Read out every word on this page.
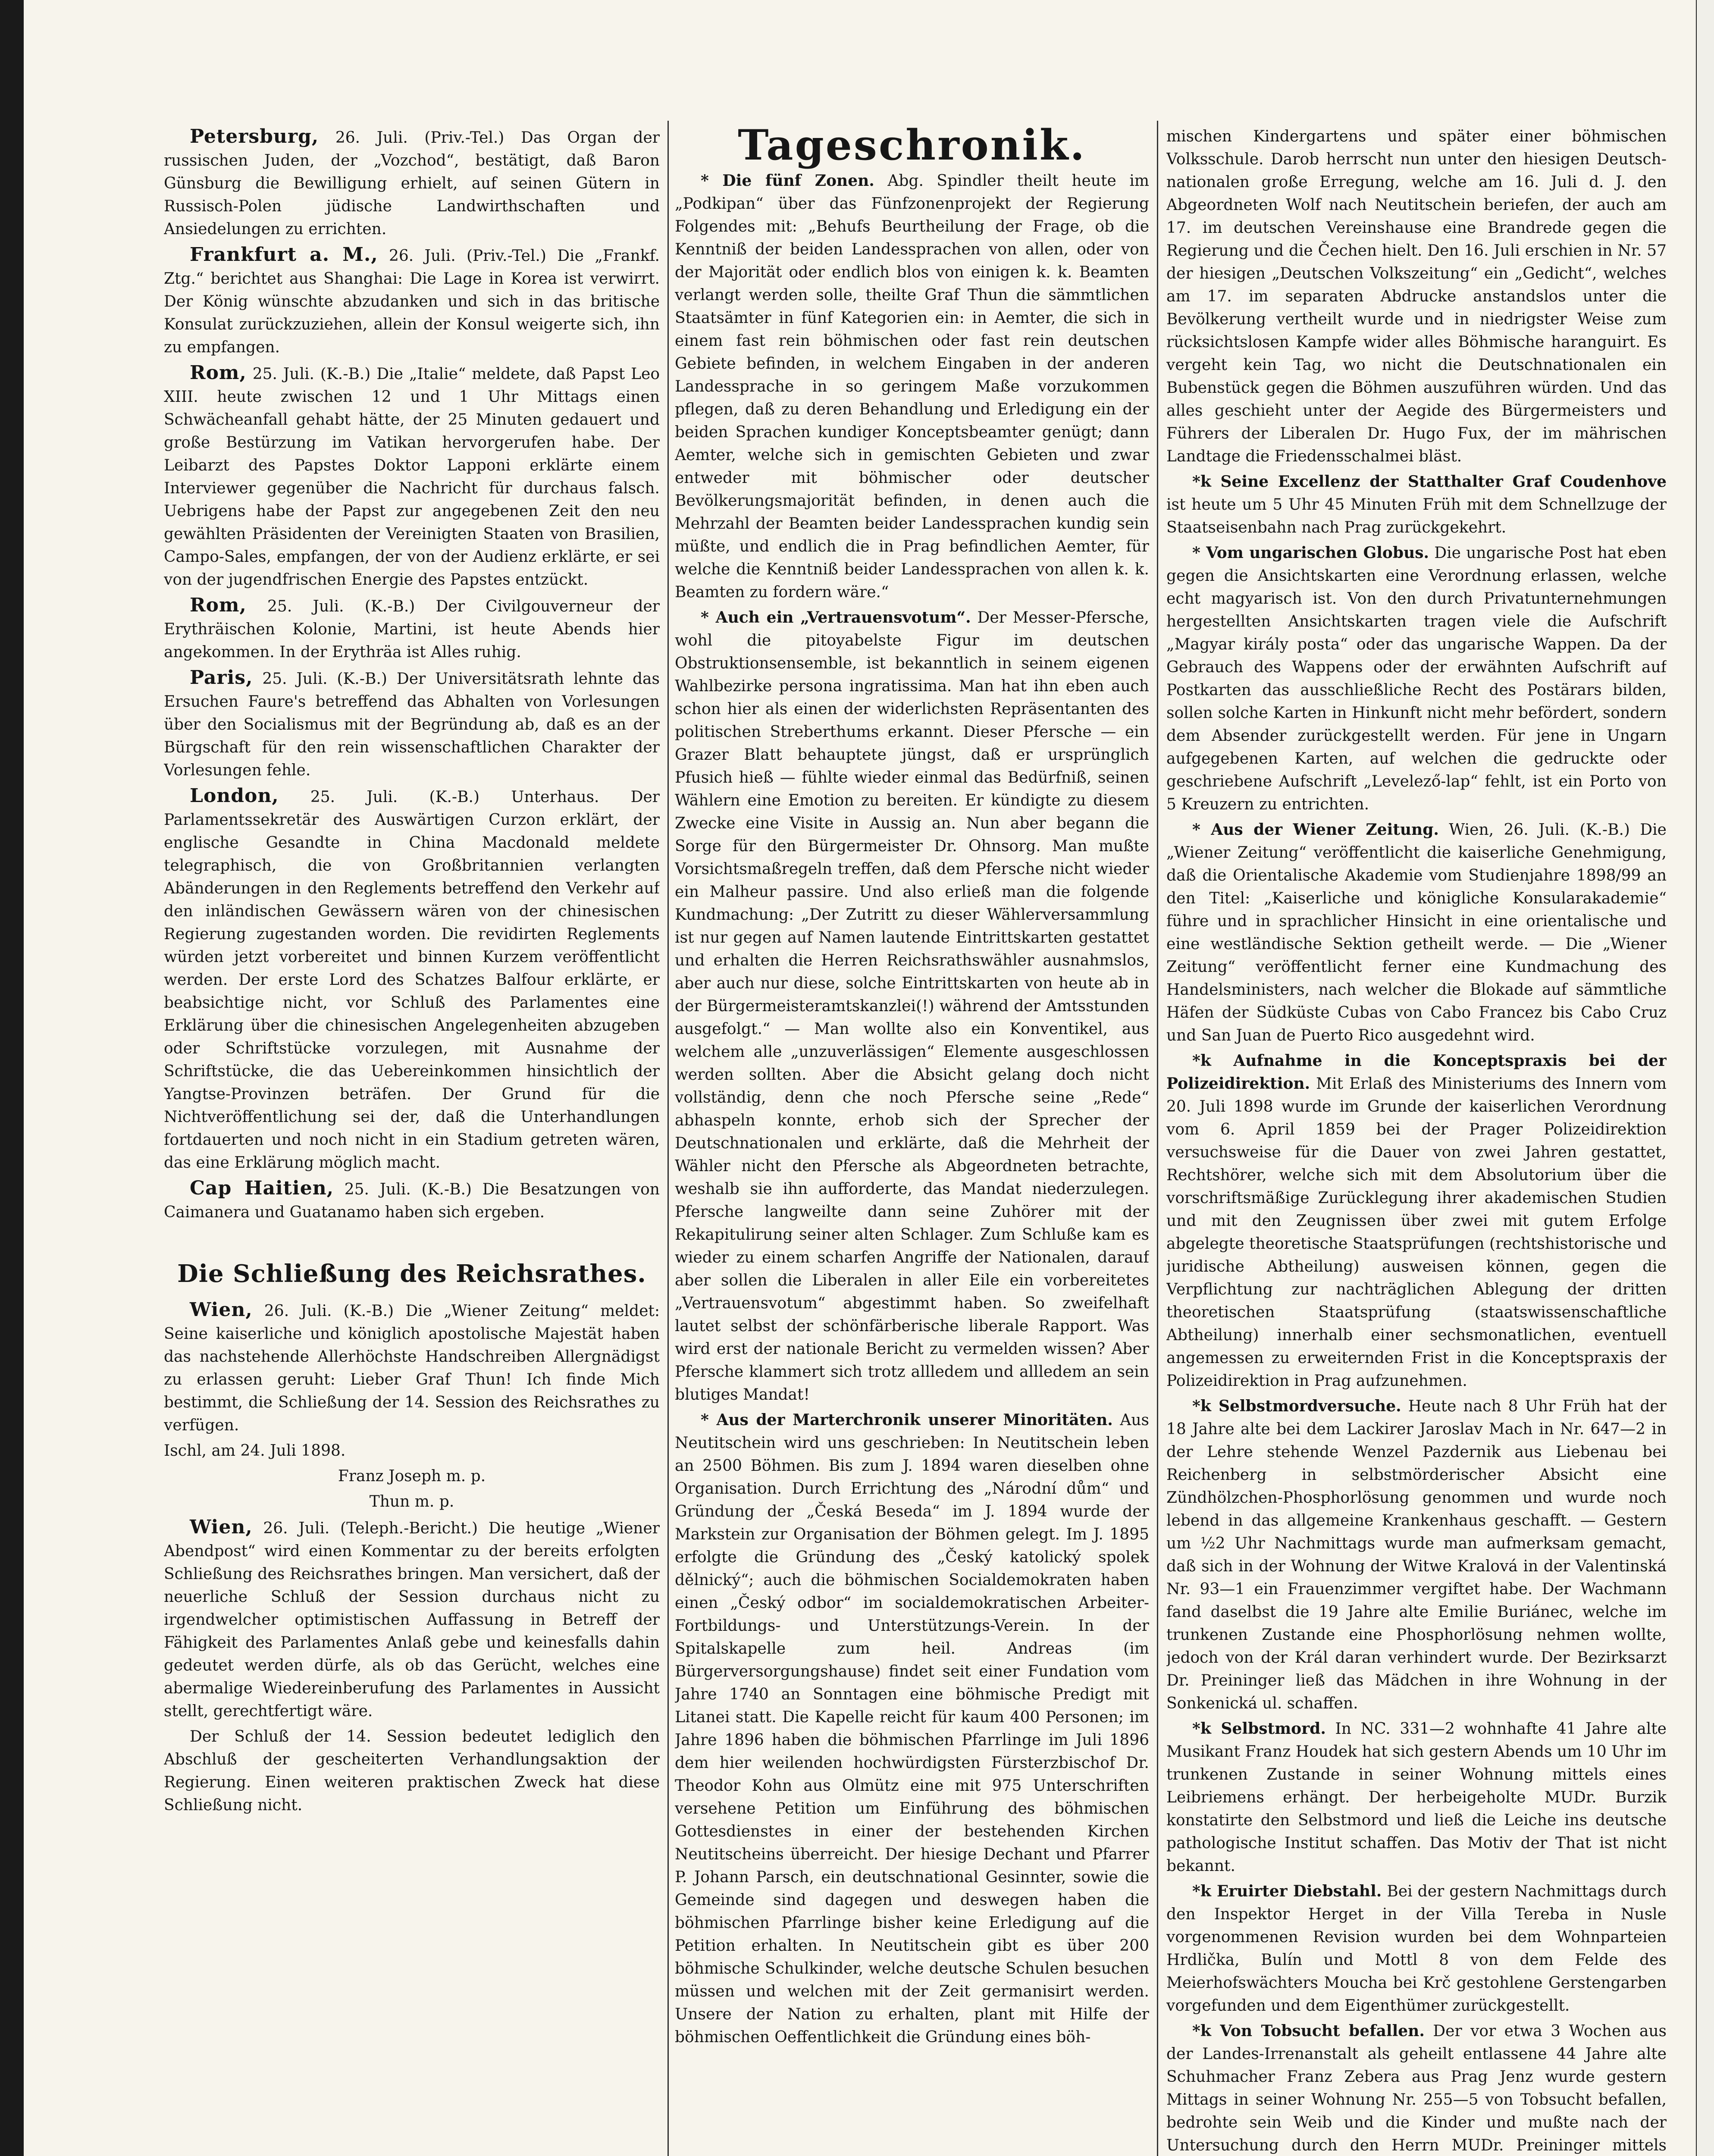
Petersburg, 26. Juli. (Priv.-Tel.) Das Organ der russischen Juden, der „Vozchod“, bestätigt, daß Baron Günsburg die Bewilligung erhielt, auf seinen Gütern in Russisch-Polen jüdische Landwirthschaften und Ansiedelungen zu errichten.

Frankfurt a. M., 26. Juli. (Priv.-Tel.) Die „Frankf. Ztg.“ berichtet aus Shanghai: Die Lage in Korea ist verwirrt. Der König wünschte abzudanken und sich in das britische Konsulat zurückzuziehen, allein der Konsul weigerte sich, ihn zu empfangen.

Rom, 25. Juli. (K.-B.) Die „Italie“ meldete, daß Papst Leo XIII. heute zwischen 12 und 1 Uhr Mittags einen Schwächeanfall gehabt hätte, der 25 Minuten gedauert und große Bestürzung im Vatikan hervorgerufen habe. Der Leibarzt des Papstes Doktor Lapponi erklärte einem Interviewer gegenüber die Nachricht für durchaus falsch. Uebrigens habe der Papst zur angegebenen Zeit den neu gewählten Präsidenten der Vereinigten Staaten von Brasilien, Campo-Sales, empfangen, der von der Audienz erklärte, er sei von der jugendfrischen Energie des Papstes entzückt.

Rom, 25. Juli. (K.-B.) Der Civilgouverneur der Erythräischen Kolonie, Martini, ist heute Abends hier angekommen. In der Erythräa ist Alles ruhig.

Paris, 25. Juli. (K.-B.) Der Universitätsrath lehnte das Ersuchen Faure's betreffend das Abhalten von Vorlesungen über den Socialismus mit der Begründung ab, daß es an der Bürgschaft für den rein wissenschaftlichen Charakter der Vorlesungen fehle.

London, 25. Juli. (K.-B.) Unterhaus. Der Parlamentssekretär des Auswärtigen Curzon erklärt, der englische Gesandte in China Macdonald meldete telegraphisch, die von Großbritannien verlangten Abänderungen in den Reglements betreffend den Verkehr auf den inländischen Gewässern wären von der chinesischen Regierung zugestanden worden. Die revidirten Reglements würden jetzt vorbereitet und binnen Kurzem veröffentlicht werden. Der erste Lord des Schatzes Balfour erklärte, er beabsichtige nicht, vor Schluß des Parlamentes eine Erklärung über die chinesischen Angelegenheiten abzugeben oder Schriftstücke vorzulegen, mit Ausnahme der Schriftstücke, die das Uebereinkommen hinsichtlich der Yangtse-Provinzen beträfen. Der Grund für die Nichtveröffentlichung sei der, daß die Unterhandlungen fortdauerten und noch nicht in ein Stadium getreten wären, das eine Erklärung möglich macht.

Cap Haitien, 25. Juli. (K.-B.) Die Besatzungen von Caimanera und Guatanamo haben sich ergeben.

Die Schließung des Reichsrathes.

Wien, 26. Juli. (K.-B.) Die „Wiener Zeitung“ meldet: Seine kaiserliche und königlich apostolische Majestät haben das nachstehende Allerhöchste Handschreiben Allergnädigst zu erlassen geruht: Lieber Graf Thun! Ich finde Mich bestimmt, die Schließung der 14. Session des Reichsrathes zu verfügen.

Ischl, am 24. Juli 1898.

Franz Joseph m. p.

Thun m. p.

Wien, 26. Juli. (Teleph.-Bericht.) Die heutige „Wiener Abendpost“ wird einen Kommentar zu der bereits erfolgten Schließung des Reichsrathes bringen. Man versichert, daß der neuerliche Schluß der Session durchaus nicht zu irgendwelcher optimistischen Auffassung in Betreff der Fähigkeit des Parlamentes Anlaß gebe und keinesfalls dahin gedeutet werden dürfe, als ob das Gerücht, welches eine abermalige Wiedereinberufung des Parlamentes in Aussicht stellt, gerechtfertigt wäre.

Der Schluß der 14. Session bedeutet lediglich den Abschluß der gescheiterten Verhandlungsaktion der Regierung. Einen weiteren praktischen Zweck hat diese Schließung nicht.

Tageschronik.

* Die fünf Zonen. Abg. Spindler theilt heute im „Podkipan“ über das Fünfzonenprojekt der Regierung Folgendes mit: „Behufs Beurtheilung der Frage, ob die Kenntniß der beiden Landessprachen von allen, oder von der Majorität oder endlich blos von einigen k. k. Beamten verlangt werden solle, theilte Graf Thun die sämmtlichen Staatsämter in fünf Kategorien ein: in Aemter, die sich in einem fast rein böhmischen oder fast rein deutschen Gebiete befinden, in welchem Eingaben in der anderen Landessprache in so geringem Maße vorzukommen pflegen, daß zu deren Behandlung und Erledigung ein der beiden Sprachen kundiger Konceptsbeamter genügt; dann Aemter, welche sich in gemischten Gebieten und zwar entweder mit böhmischer oder deutscher Bevölkerungsmajorität befinden, in denen auch die Mehrzahl der Beamten beider Landessprachen kundig sein müßte, und endlich die in Prag befindlichen Aemter, für welche die Kenntniß beider Landessprachen von allen k. k. Beamten zu fordern wäre.“

* Auch ein „Vertrauensvotum“. Der Messer-Pfersche, wohl die pitoyabelste Figur im deutschen Obstruktionsensemble, ist bekanntlich in seinem eigenen Wahlbezirke persona ingratissima. Man hat ihn eben auch schon hier als einen der widerlichsten Repräsentanten des politischen Streberthums erkannt. Dieser Pfersche — ein Grazer Blatt behauptete jüngst, daß er ursprünglich Pfusich hieß — fühlte wieder einmal das Bedürfniß, seinen Wählern eine Emotion zu bereiten. Er kündigte zu diesem Zwecke eine Visite in Aussig an. Nun aber begann die Sorge für den Bürgermeister Dr. Ohnsorg. Man mußte Vorsichtsmaßregeln treffen, daß dem Pfersche nicht wieder ein Malheur passire. Und also erließ man die folgende Kundmachung: „Der Zutritt zu dieser Wählerversammlung ist nur gegen auf Namen lautende Eintrittskarten gestattet und erhalten die Herren Reichsrathswähler ausnahmslos, aber auch nur diese, solche Eintrittskarten von heute ab in der Bürgermeisteramtskanzlei(!) während der Amtsstunden ausgefolgt.“ — Man wollte also ein Konventikel, aus welchem alle „unzuverlässigen“ Elemente ausgeschlossen werden sollten. Aber die Absicht gelang doch nicht vollständig, denn che noch Pfersche seine „Rede“ abhaspeln konnte, erhob sich der Sprecher der Deutschnationalen und erklärte, daß die Mehrheit der Wähler nicht den Pfersche als Abgeordneten betrachte, weshalb sie ihn aufforderte, das Mandat niederzulegen. Pfersche langweilte dann seine Zuhörer mit der Rekapitulirung seiner alten Schlager. Zum Schluße kam es wieder zu einem scharfen Angriffe der Nationalen, darauf aber sollen die Liberalen in aller Eile ein vorbereitetes „Vertrauensvotum“ abgestimmt haben. So zweifelhaft lautet selbst der schönfärberische liberale Rapport. Was wird erst der nationale Bericht zu vermelden wissen? Aber Pfersche klammert sich trotz allledem und allledem an sein blutiges Mandat!

* Aus der Marterchronik unserer Minoritäten. Aus Neutitschein wird uns geschrieben: In Neutitschein leben an 2500 Böhmen. Bis zum J. 1894 waren dieselben ohne Organisation. Durch Errichtung des „Národní dům“ und Gründung der „Česká Beseda“ im J. 1894 wurde der Markstein zur Organisation der Böhmen gelegt. Im J. 1895 erfolgte die Gründung des „Český katolický spolek dělnický“; auch die böhmischen Socialdemokraten haben einen „Český odbor“ im socialdemokratischen Arbeiter-Fortbildungs- und Unterstützungs-Verein. In der Spitalskapelle zum heil. Andreas (im Bürgerversorgungshause) findet seit einer Fundation vom Jahre 1740 an Sonntagen eine böhmische Predigt mit Litanei statt. Die Kapelle reicht für kaum 400 Personen; im Jahre 1896 haben die böhmischen Pfarrlinge im Juli 1896 dem hier weilenden hochwürdigsten Fürsterzbischof Dr. Theodor Kohn aus Olmütz eine mit 975 Unterschriften versehene Petition um Einführung des böhmischen Gottesdienstes in einer der bestehenden Kirchen Neutitscheins überreicht. Der hiesige Dechant und Pfarrer P. Johann Parsch, ein deutschnational Gesinnter, sowie die Gemeinde sind dagegen und deswegen haben die böhmischen Pfarrlinge bisher keine Erledigung auf die Petition erhalten. In Neutitschein gibt es über 200 böhmische Schulkinder, welche deutsche Schulen besuchen müssen und welchen mit der Zeit germanisirt werden. Unsere der Nation zu erhalten, plant mit Hilfe der böhmischen Oeffentlichkeit die Gründung eines böh-

mischen Kindergartens und später einer böhmischen Volksschule. Darob herrscht nun unter den hiesigen Deutsch-nationalen große Erregung, welche am 16. Juli d. J. den Abgeordneten Wolf nach Neutitschein beriefen, der auch am 17. im deutschen Vereinshause eine Brandrede gegen die Regierung und die Čechen hielt. Den 16. Juli erschien in Nr. 57 der hiesigen „Deutschen Volkszeitung“ ein „Gedicht“, welches am 17. im separaten Abdrucke anstandslos unter die Bevölkerung vertheilt wurde und in niedrigster Weise zum rücksichtslosen Kampfe wider alles Böhmische haranguirt. Es vergeht kein Tag, wo nicht die Deutschnationalen ein Bubenstück gegen die Böhmen auszuführen würden. Und das alles geschieht unter der Aegide des Bürgermeisters und Führers der Liberalen Dr. Hugo Fux, der im mährischen Landtage die Friedensschalmei bläst.

*k Seine Excellenz der Statthalter Graf Coudenhove ist heute um 5 Uhr 45 Minuten Früh mit dem Schnellzuge der Staatseisenbahn nach Prag zurückgekehrt.

* Vom ungarischen Globus. Die ungarische Post hat eben gegen die Ansichtskarten eine Verordnung erlassen, welche echt magyarisch ist. Von den durch Privatunternehmungen hergestellten Ansichtskarten tragen viele die Aufschrift „Magyar király posta“ oder das ungarische Wappen. Da der Gebrauch des Wappens oder der erwähnten Aufschrift auf Postkarten das ausschließliche Recht des Postärars bilden, sollen solche Karten in Hinkunft nicht mehr befördert, sondern dem Absender zurückgestellt werden. Für jene in Ungarn aufgegebenen Karten, auf welchen die gedruckte oder geschriebene Aufschrift „Levelező-lap“ fehlt, ist ein Porto von 5 Kreuzern zu entrichten.

* Aus der Wiener Zeitung. Wien, 26. Juli. (K.-B.) Die „Wiener Zeitung“ veröffentlicht die kaiserliche Genehmigung, daß die Orientalische Akademie vom Studienjahre 1898/99 an den Titel: „Kaiserliche und königliche Konsularakademie“ führe und in sprachlicher Hinsicht in eine orientalische und eine westländische Sektion getheilt werde. — Die „Wiener Zeitung“ veröffentlicht ferner eine Kundmachung des Handelsministers, nach welcher die Blokade auf sämmtliche Häfen der Südküste Cubas von Cabo Francez bis Cabo Cruz und San Juan de Puerto Rico ausgedehnt wird.

*k Aufnahme in die Konceptspraxis bei der Polizeidirektion. Mit Erlaß des Ministeriums des Innern vom 20. Juli 1898 wurde im Grunde der kaiserlichen Verordnung vom 6. April 1859 bei der Prager Polizeidirektion versuchsweise für die Dauer von zwei Jahren gestattet, Rechtshörer, welche sich mit dem Absolutorium über die vorschriftsmäßige Zurücklegung ihrer akademischen Studien und mit den Zeugnissen über zwei mit gutem Erfolge abgelegte theoretische Staatsprüfungen (rechtshistorische und juridische Abtheilung) ausweisen können, gegen die Verpflichtung zur nachträglichen Ablegung der dritten theoretischen Staatsprüfung (staatswissenschaftliche Abtheilung) innerhalb einer sechsmonatlichen, eventuell angemessen zu erweiternden Frist in die Konceptspraxis der Polizeidirektion in Prag aufzunehmen.

*k Selbstmordversuche. Heute nach 8 Uhr Früh hat der 18 Jahre alte bei dem Lackirer Jaroslav Mach in Nr. 647—2 in der Lehre stehende Wenzel Pazdernik aus Liebenau bei Reichenberg in selbstmörderischer Absicht eine Zündhölzchen-Phosphorlösung genommen und wurde noch lebend in das allgemeine Krankenhaus geschafft. — Gestern um ½2 Uhr Nachmittags wurde man aufmerksam gemacht, daß sich in der Wohnung der Witwe Kralová in der Valentinská Nr. 93—1 ein Frauenzimmer vergiftet habe. Der Wachmann fand daselbst die 19 Jahre alte Emilie Buriánec, welche im trunkenen Zustande eine Phosphorlösung nehmen wollte, jedoch von der Král daran verhindert wurde. Der Bezirksarzt Dr. Preininger ließ das Mädchen in ihre Wohnung in der Sonkenická ul. schaffen.

*k Selbstmord. In NC. 331—2 wohnhafte 41 Jahre alte Musikant Franz Houdek hat sich gestern Abends um 10 Uhr im trunkenen Zustande in seiner Wohnung mittels eines Leibriemens erhängt. Der herbeigeholte MUDr. Burzik konstatirte den Selbstmord und ließ die Leiche ins deutsche pathologische Institut schaffen. Das Motiv der That ist nicht bekannt.

*k Eruirter Diebstahl. Bei der gestern Nachmittags durch den Inspektor Herget in der Villa Tereba in Nusle vorgenommenen Revision wurden bei dem Wohnparteien Hrdlička, Bulín und Mottl 8 von dem Felde des Meierhofswächters Moucha bei Krč gestohlene Gerstengarben vorgefunden und dem Eigenthümer zurückgestellt.

*k Von Tobsucht befallen. Der vor etwa 3 Wochen aus der Landes-Irrenanstalt als geheilt entlassene 44 Jahre alte Schuhmacher Franz Zebera aus Prag Jenz wurde gestern Mittags in seiner Wohnung Nr. 255—5 von Tobsucht befallen, bedrohte sein Weib und die Kinder und mußte nach der Untersuchung durch den Herrn MUDr. Preininger mittels
